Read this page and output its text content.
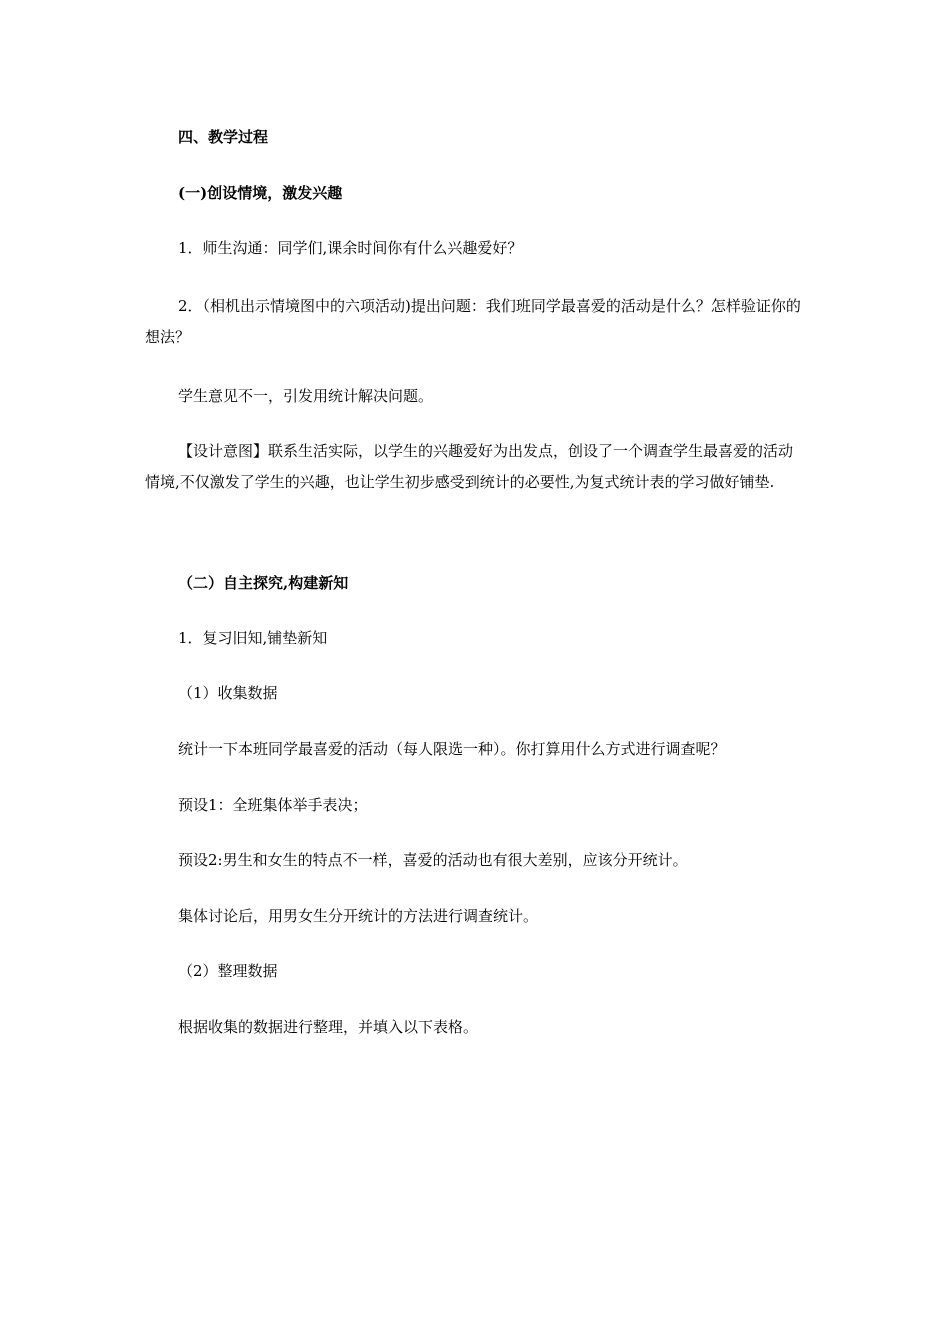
四、教学过程
(一)创设情境，激发兴趣
1．师生沟通：同学们,课余时间你有什么兴趣爱好？
2．（相机出示情境图中的六项活动)提出问题：我们班同学最喜爱的活动是什么？怎样验证你的想法？
学生意见不一，引发用统计解决问题。
【设计意图】联系生活实际，以学生的兴趣爱好为出发点，创设了一个调查学生最喜爱的活动情境,不仅激发了学生的兴趣，也让学生初步感受到统计的必要性,为复式统计表的学习做好铺垫.
（二）自主探究,构建新知
1．复习旧知,铺垫新知
（1）收集数据
统计一下本班同学最喜爱的活动（每人限选一种）。你打算用什么方式进行调查呢？
预设1：全班集体举手表决；
预设2:男生和女生的特点不一样，喜爱的活动也有很大差别，应该分开统计。
集体讨论后，用男女生分开统计的方法进行调查统计。
（2）整理数据
根据收集的数据进行整理，并填入以下表格。
